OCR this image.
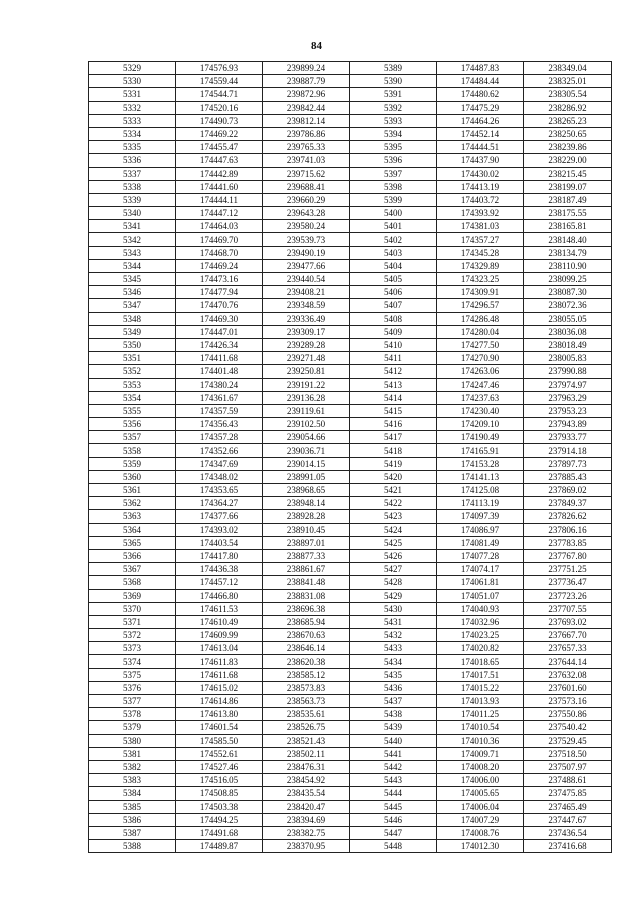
84
5329	174576.93	239899.24	5389	174487.83	238349.04
5330	174559.44	239887.79	5390	174484.44	238325.01
5331	174544.71	239872.96	5391	174480.62	238305.54
5332	174520.16	239842.44	5392	174475.29	238286.92
5333	174490.73	239812.14	5393	174464.26	238265.23
5334	174469.22	239786.86	5394	174452.14	238250.65
5335	174455.47	239765.33	5395	174444.51	238239.86
5336	174447.63	239741.03	5396	174437.90	238229.00
5337	174442.89	239715.62	5397	174430.02	238215.45
5338	174441.60	239688.41	5398	174413.19	238199.07
5339	174444.11	239660.29	5399	174403.72	238187.49
5340	174447.12	239643.28	5400	174393.92	238175.55
5341	174464.03	239580.24	5401	174381.03	238165.81
5342	174469.70	239539.73	5402	174357.27	238148.40
5343	174468.70	239490.19	5403	174345.28	238134.79
5344	174469.24	239477.66	5404	174329.89	238110.90
5345	174473.16	239440.54	5405	174323.25	238099.25
5346	174477.94	239408.21	5406	174309.91	238087.30
5347	174470.76	239348.59	5407	174296.57	238072.36
5348	174469.30	239336.49	5408	174286.48	238055.05
5349	174447.01	239309.17	5409	174280.04	238036.08
5350	174426.34	239289.28	5410	174277.50	238018.49
5351	174411.68	239271.48	5411	174270.90	238005.83
5352	174401.48	239250.81	5412	174263.06	237990.88
5353	174380.24	239191.22	5413	174247.46	237974.97
5354	174361.67	239136.28	5414	174237.63	237963.29
5355	174357.59	239119.61	5415	174230.40	237953.23
5356	174356.43	239102.50	5416	174209.10	237943.89
5357	174357.28	239054.66	5417	174190.49	237933.77
5358	174352.66	239036.71	5418	174165.91	237914.18
5359	174347.69	239014.15	5419	174153.28	237897.73
5360	174348.02	238991.05	5420	174141.13	237885.43
5361	174353.65	238968.65	5421	174125.08	237869.02
5362	174364.27	238948.14	5422	174113.19	237849.37
5363	174377.66	238928.28	5423	174097.39	237826.62
5364	174393.02	238910.45	5424	174086.97	237806.16
5365	174403.54	238897.01	5425	174081.49	237783.85
5366	174417.80	238877.33	5426	174077.28	237767.80
5367	174436.38	238861.67	5427	174074.17	237751.25
5368	174457.12	238841.48	5428	174061.81	237736.47
5369	174466.80	238831.08	5429	174051.07	237723.26
5370	174611.53	238696.38	5430	174040.93	237707.55
5371	174610.49	238685.94	5431	174032.96	237693.02
5372	174609.99	238670.63	5432	174023.25	237667.70
5373	174613.04	238646.14	5433	174020.82	237657.33
5374	174611.83	238620.38	5434	174018.65	237644.14
5375	174611.68	238585.12	5435	174017.51	237632.08
5376	174615.02	238573.83	5436	174015.22	237601.60
5377	174614.86	238563.73	5437	174013.93	237573.16
5378	174613.80	238535.61	5438	174011.25	237550.86
5379	174601.54	238526.75	5439	174010.54	237540.42
5380	174585.50	238521.43	5440	174010.36	237529.45
5381	174552.61	238502.11	5441	174009.71	237518.50
5382	174527.46	238476.31	5442	174008.20	237507.97
5383	174516.05	238454.92	5443	174006.00	237488.61
5384	174508.85	238435.54	5444	174005.65	237475.85
5385	174503.38	238420.47	5445	174006.04	237465.49
5386	174494.25	238394.69	5446	174007.29	237447.67
5387	174491.68	238382.75	5447	174008.76	237436.54
5388	174489.87	238370.95	5448	174012.30	237416.68
